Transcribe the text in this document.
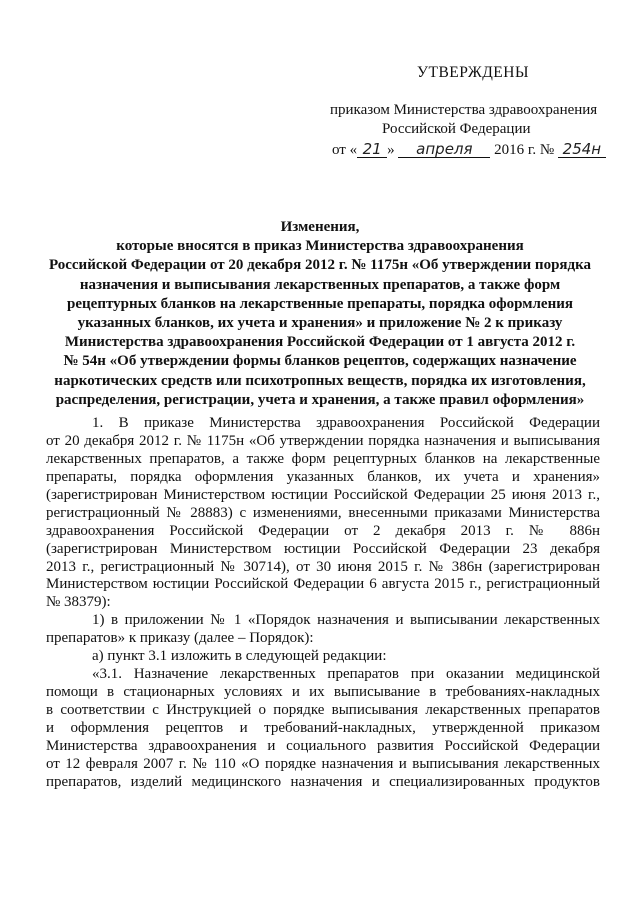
УТВЕРЖДЕНЫ
приказом Министерства здравоохранения
Российской Федерации
от « 21 » апреля 2016 г. № 254н
Изменения,
которые вносятся в приказ Министерства здравоохранения
Российской Федерации от 20 декабря 2012 г. № 1175н «Об утверждении порядка
назначения и выписывания лекарственных препаратов, а также форм
рецептурных бланков на лекарственные препараты, порядка оформления
указанных бланков, их учета и хранения» и приложение № 2 к приказу
Министерства здравоохранения Российской Федерации от 1 августа 2012 г.
№ 54н «Об утверждении формы бланков рецептов, содержащих назначение
наркотических средств или психотропных веществ, порядка их изготовления,
распределения, регистрации, учета и хранения, а также правил оформления»
1. В приказе Министерства здравоохранения Российской Федерации
от 20 декабря 2012 г. № 1175н «Об утверждении порядка назначения и выписывания
лекарственных препаратов, а также форм рецептурных бланков на лекарственные
препараты, порядка оформления указанных бланков, их учета и хранения»
(зарегистрирован Министерством юстиции Российской Федерации 25 июня 2013 г.,
регистрационный № 28883) с изменениями, внесенными приказами Министерства
здравоохранения Российской Федерации от 2 декабря 2013 г. № 886н
(зарегистрирован Министерством юстиции Российской Федерации 23 декабря
2013 г., регистрационный № 30714), от 30 июня 2015 г. № 386н (зарегистрирован
Министерством юстиции Российской Федерации 6 августа 2015 г., регистрационный
№ 38379):
1) в приложении № 1 «Порядок назначения и выписывании лекарственных
препаратов» к приказу (далее – Порядок):
а) пункт 3.1 изложить в следующей редакции:
«3.1. Назначение лекарственных препаратов при оказании медицинской
помощи в стационарных условиях и их выписывание в требованиях-накладных
в соответствии с Инструкцией о порядке выписывания лекарственных препаратов
и оформления рецептов и требований-накладных, утвержденной приказом
Министерства здравоохранения и социального развития Российской Федерации
от 12 февраля 2007 г. № 110 «О порядке назначения и выписывания лекарственных
препаратов, изделий медицинского назначения и специализированных продуктов
